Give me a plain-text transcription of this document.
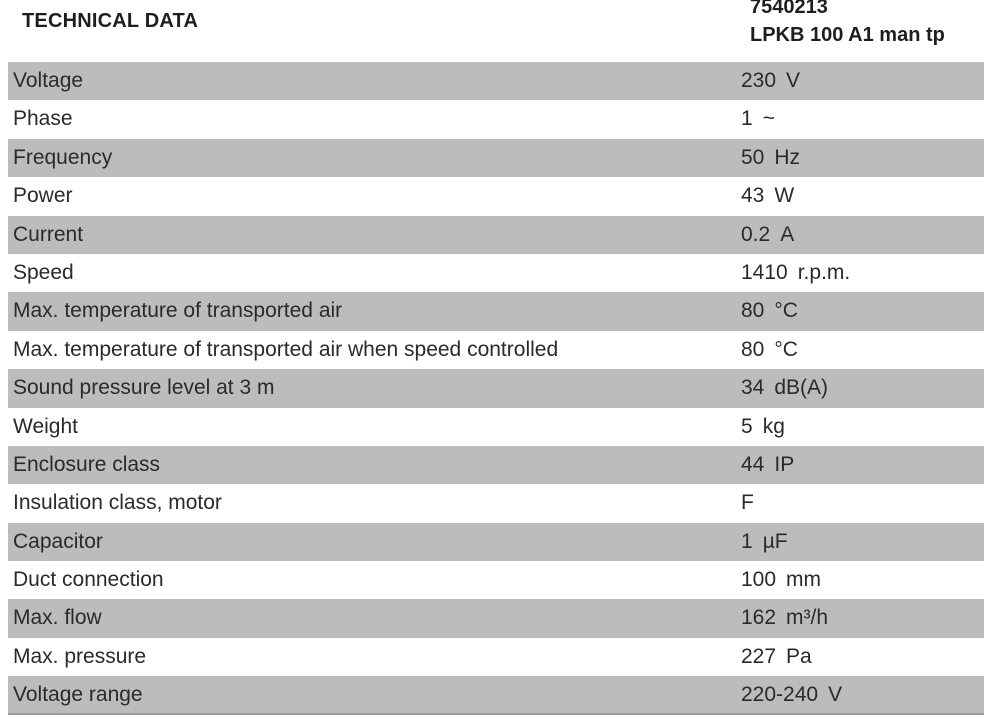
TECHNICAL DATA
7540213
LPKB 100 A1 man tp
Voltage	230 V
Phase	1 ~
Frequency	50 Hz
Power	43 W
Current	0.2 A
Speed	1410 r.p.m.
Max. temperature of transported air	80 °C
Max. temperature of transported air when speed controlled	80 °C
Sound pressure level at 3 m	34 dB(A)
Weight	5 kg
Enclosure class	44 IP
Insulation class, motor	F
Capacitor	1 µF
Duct connection	100 mm
Max. flow	162 m³/h
Max. pressure	227 Pa
Voltage range	220-240 V
